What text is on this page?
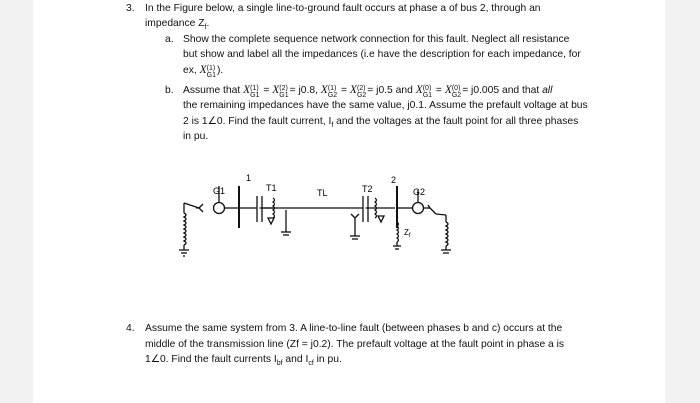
3. In the Figure below, a single line-to-ground fault occurs at phase a of bus 2, through an
impedance $Z_f$.
a. Show the complete sequence network connection for this fault. Neglect all resistance
but show and label all the impedances (i.e have the description for each impedance, for
ex, X (1)
G1 ).
b. Assume that X (1)
G1 = X (2)
G1 = j0.8, X (1)
G2 = X (2)
G2 = j0.5 and X (0)
G1 = X (0)
G2 = j0.005 and that all
the remaining impedances have the same value, j0.1. Assume the prefault voltage at bus
2 is 1∠0. Find the fault current, $I_f$ and the voltages at the fault point for all three phases
in pu.
G1
1
T1	TL	T2
2
G2
$Z_f$
4. Assume the same system from 3. A line-to-line fault (between phases b and c) occurs at the
middle of the transmission line (Zf = j0.2). The prefault voltage at the fault point in phase a is
1∠0. Find the fault currents $I_{bf}$ and $I_{cf}$ in pu.
